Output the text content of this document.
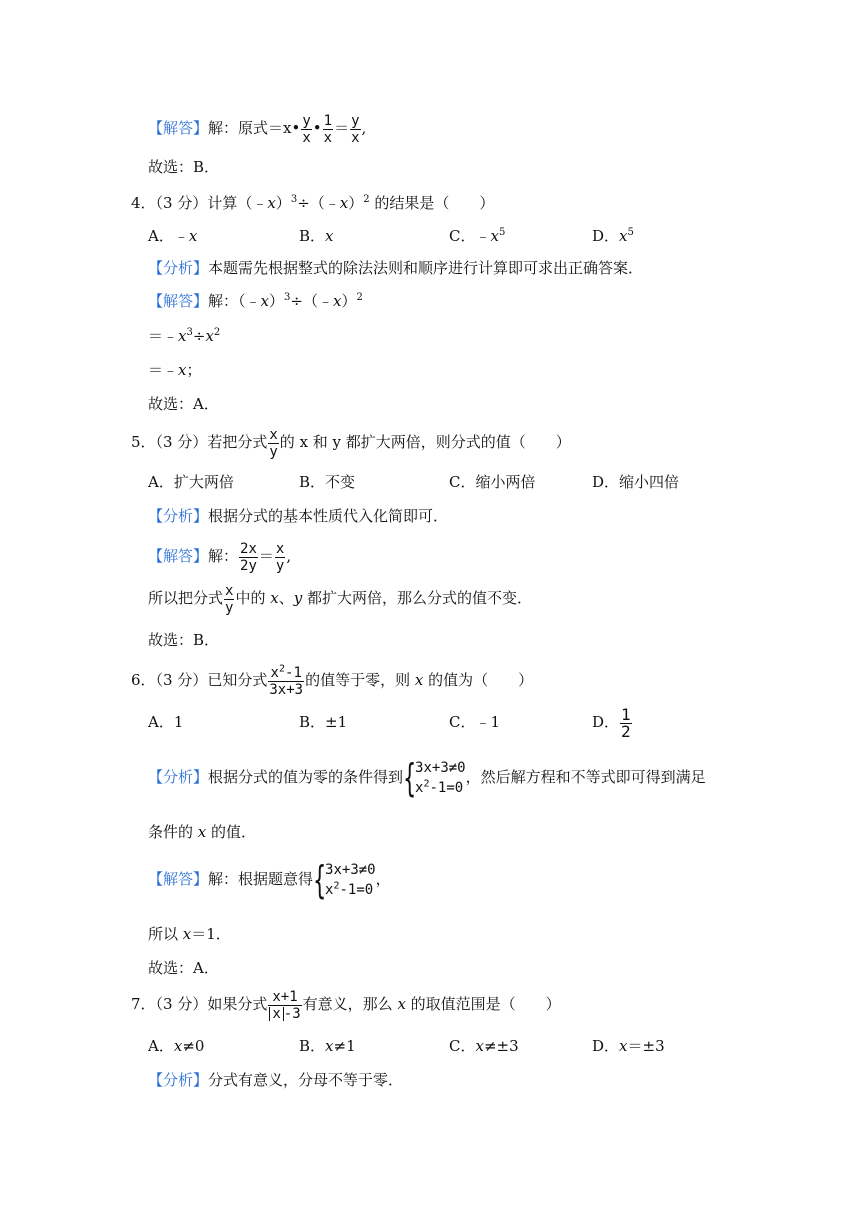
【解答】解：原式＝x• $\frac{y}{x}$ • $\frac{1}{x} = \frac{y}{x}$ ,
故选：B．
4．（3 分）计算（﹣x）$^3$÷（﹣x）$^2$ 的结果是（　　）
A．﹣x	B．x	C．$﹣x^5$	D．$x^5$
【分析】本题需先根据整式的除法法则和顺序进行计算即可求出正确答案．
【解答】解：（﹣x）$^3$÷（﹣x）$^2$
$=﹣x^3\div x^2$
＝﹣x；
故选：A．
5．（3 分）若把分式 $\frac{x}{y}$ 的 x 和 y 都扩大两倍，则分式的值（　　）
A．扩大两倍	B．不变	C．缩小两倍	D．缩小四倍
【分析】根据分式的基本性质代入化简即可．
【解答】解： $\frac{2x}{2y} = \frac{x}{y}$ ,
所以把分式 $\frac{x}{y}$ 中的 x、y 都扩大两倍，那么分式的值不变．
故选：B．
6．（3 分）已知分式 $\frac{x^2-1}{3x+3}$ 的值等于零，则 x 的值为（　　）
A．1	B．±1	C．﹣1	D． $\frac{1}{2}$
【分析】根据分式的值为零的条件得到 {
3x+3≠0
$x^2-1=0$
，然后解方程和不等式即可得到满足
条件的 x 的值．
【解答】解：根据题意得 {
3x+3≠0
$x^2-1=0$
，
所以 x＝1．
故选：A．
7．（3 分）如果分式 $\frac{x+1}{x -3}$ 有意义，那么 x 的取值范围是（　　）
A．x≠0	B．x≠1	C．x≠±3	D．x＝±3
【分析】分式有意义，分母不等于零．
